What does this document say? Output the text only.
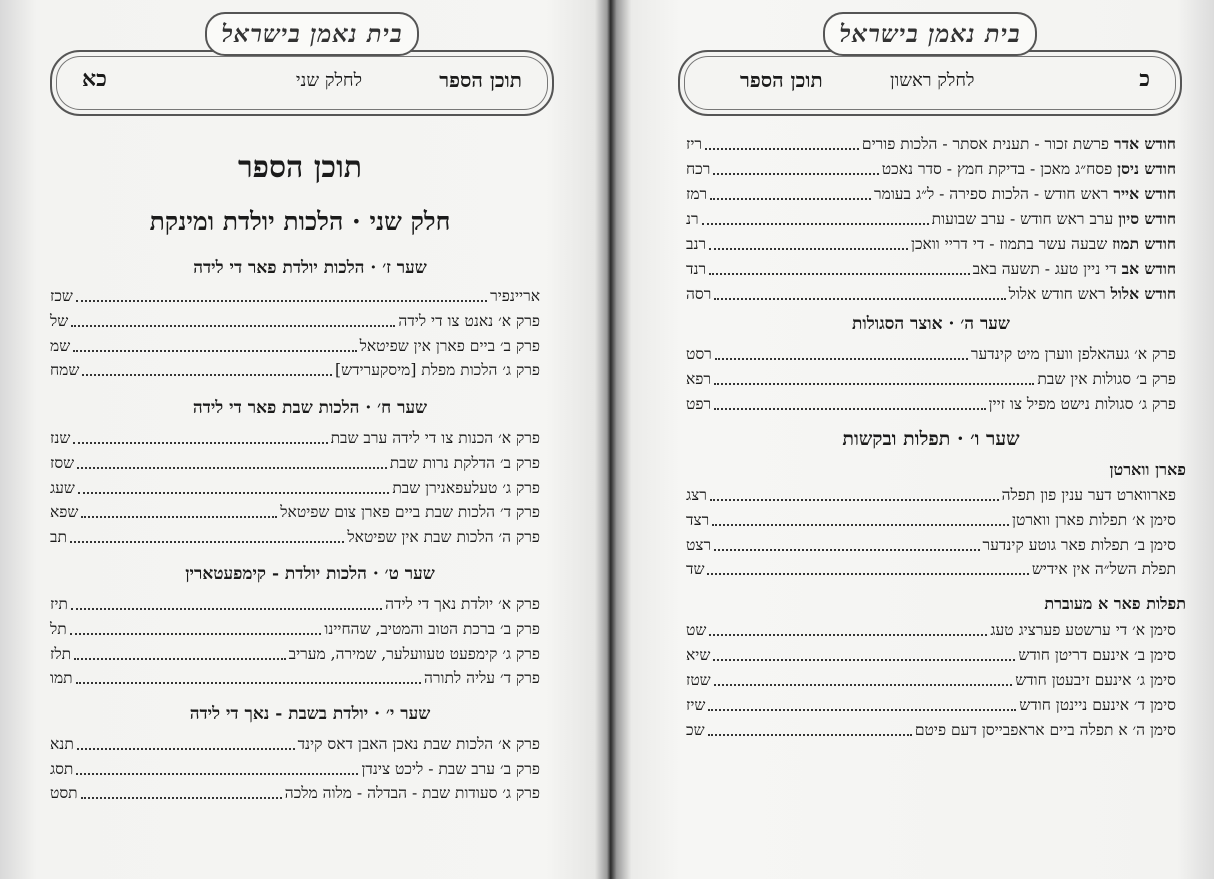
כא	תוכן הספר
לחלק שני
בית נאמן בישראל
תוכן הספר
חלק שני · הלכות יולדת ומינקת
שער ז׳ · הלכות יולדת פאר די לידה
אריינפיר
שכז
פרק א׳ נאנט צו די לידה
של
פרק ב׳ ביים פארן אין שפיטאל
שמ
פרק ג׳ הלכות מפלת [מיסקערידש]
שמח
שער ח׳ · הלכות שבת פאר די לידה
פרק א׳ הכנות צו די לידה ערב שבת
שנז
פרק ב׳ הדלקת נרות שבת
שסז
פרק ג׳ טעלעפאנירן שבת
שעג
פרק ד׳ הלכות שבת ביים פארן צום שפיטאל
שפא
פרק ה׳ הלכות שבת אין שפיטאל
תב
שער ט׳ · הלכות יולדת - קימפעטארין
פרק א׳ יולדת נאך די לידה
תיז
פרק ב׳ ברכת הטוב והמטיב, שהחיינו
תל
פרק ג׳ קימפעט טעוועלער, שמירה, מעריב
תלז
פרק ד׳ עליה לתורה
תמו
שער י׳ · יולדת בשבת - נאך די לידה
פרק א׳ הלכות שבת נאכן האבן דאס קינד
תנא
פרק ב׳ ערב שבת - ליכט צינדן
תסג
פרק ג׳ סעודות שבת - הבדלה - מלוה מלכה
תסט
כ
תוכן הספר	לחלק ראשון
בית נאמן בישראל
חודש אדר פרשת זכור - תענית אסתר - הלכות פורים
ריז
חודש ניסן פסח״ג מאכן - בדיקת חמץ - סדר נאכט
רכח
חודש אייר ראש חודש - הלכות ספירה - ל״ג בעומר
רמז
חודש סיון ערב ראש חודש - ערב שבועות
רנ
חודש תמוז שבעה עשר בתמוז - די דריי וואכן
רנב
חודש אב די ניין טעג - תשעה באב
רנד
חודש אלול ראש חודש אלול
רסה
שער ה׳ · אוצר הסגולות
פרק א׳ געהאלפן ווערן מיט קינדער
רסט
פרק ב׳ סגולות אין שבת
רפא
פרק ג׳ סגולות נישט מפיל צו זיין
רפט
שער ו׳ · תפלות ובקשות
פארן ווארטן
פארווארט דער ענין פון תפלה
רצג
סימן א׳ תפלות פארן ווארטן
רצד
סימן ב׳ תפלות פאר גוטע קינדער
רצט
תפלת השל״ה אין אידיש
שד
תפלות פאר א מעוברת
סימן א׳ די ערשטע פערציג טעג
שט
סימן ב׳ אינעם דריטן חודש
שיא
סימן ג׳ אינעם זיבעטן חודש
שטז
סימן ד׳ אינעם ניינטן חודש
שיז
סימן ה׳ א תפלה ביים אראפבייסן דעם פיטם
שכ
